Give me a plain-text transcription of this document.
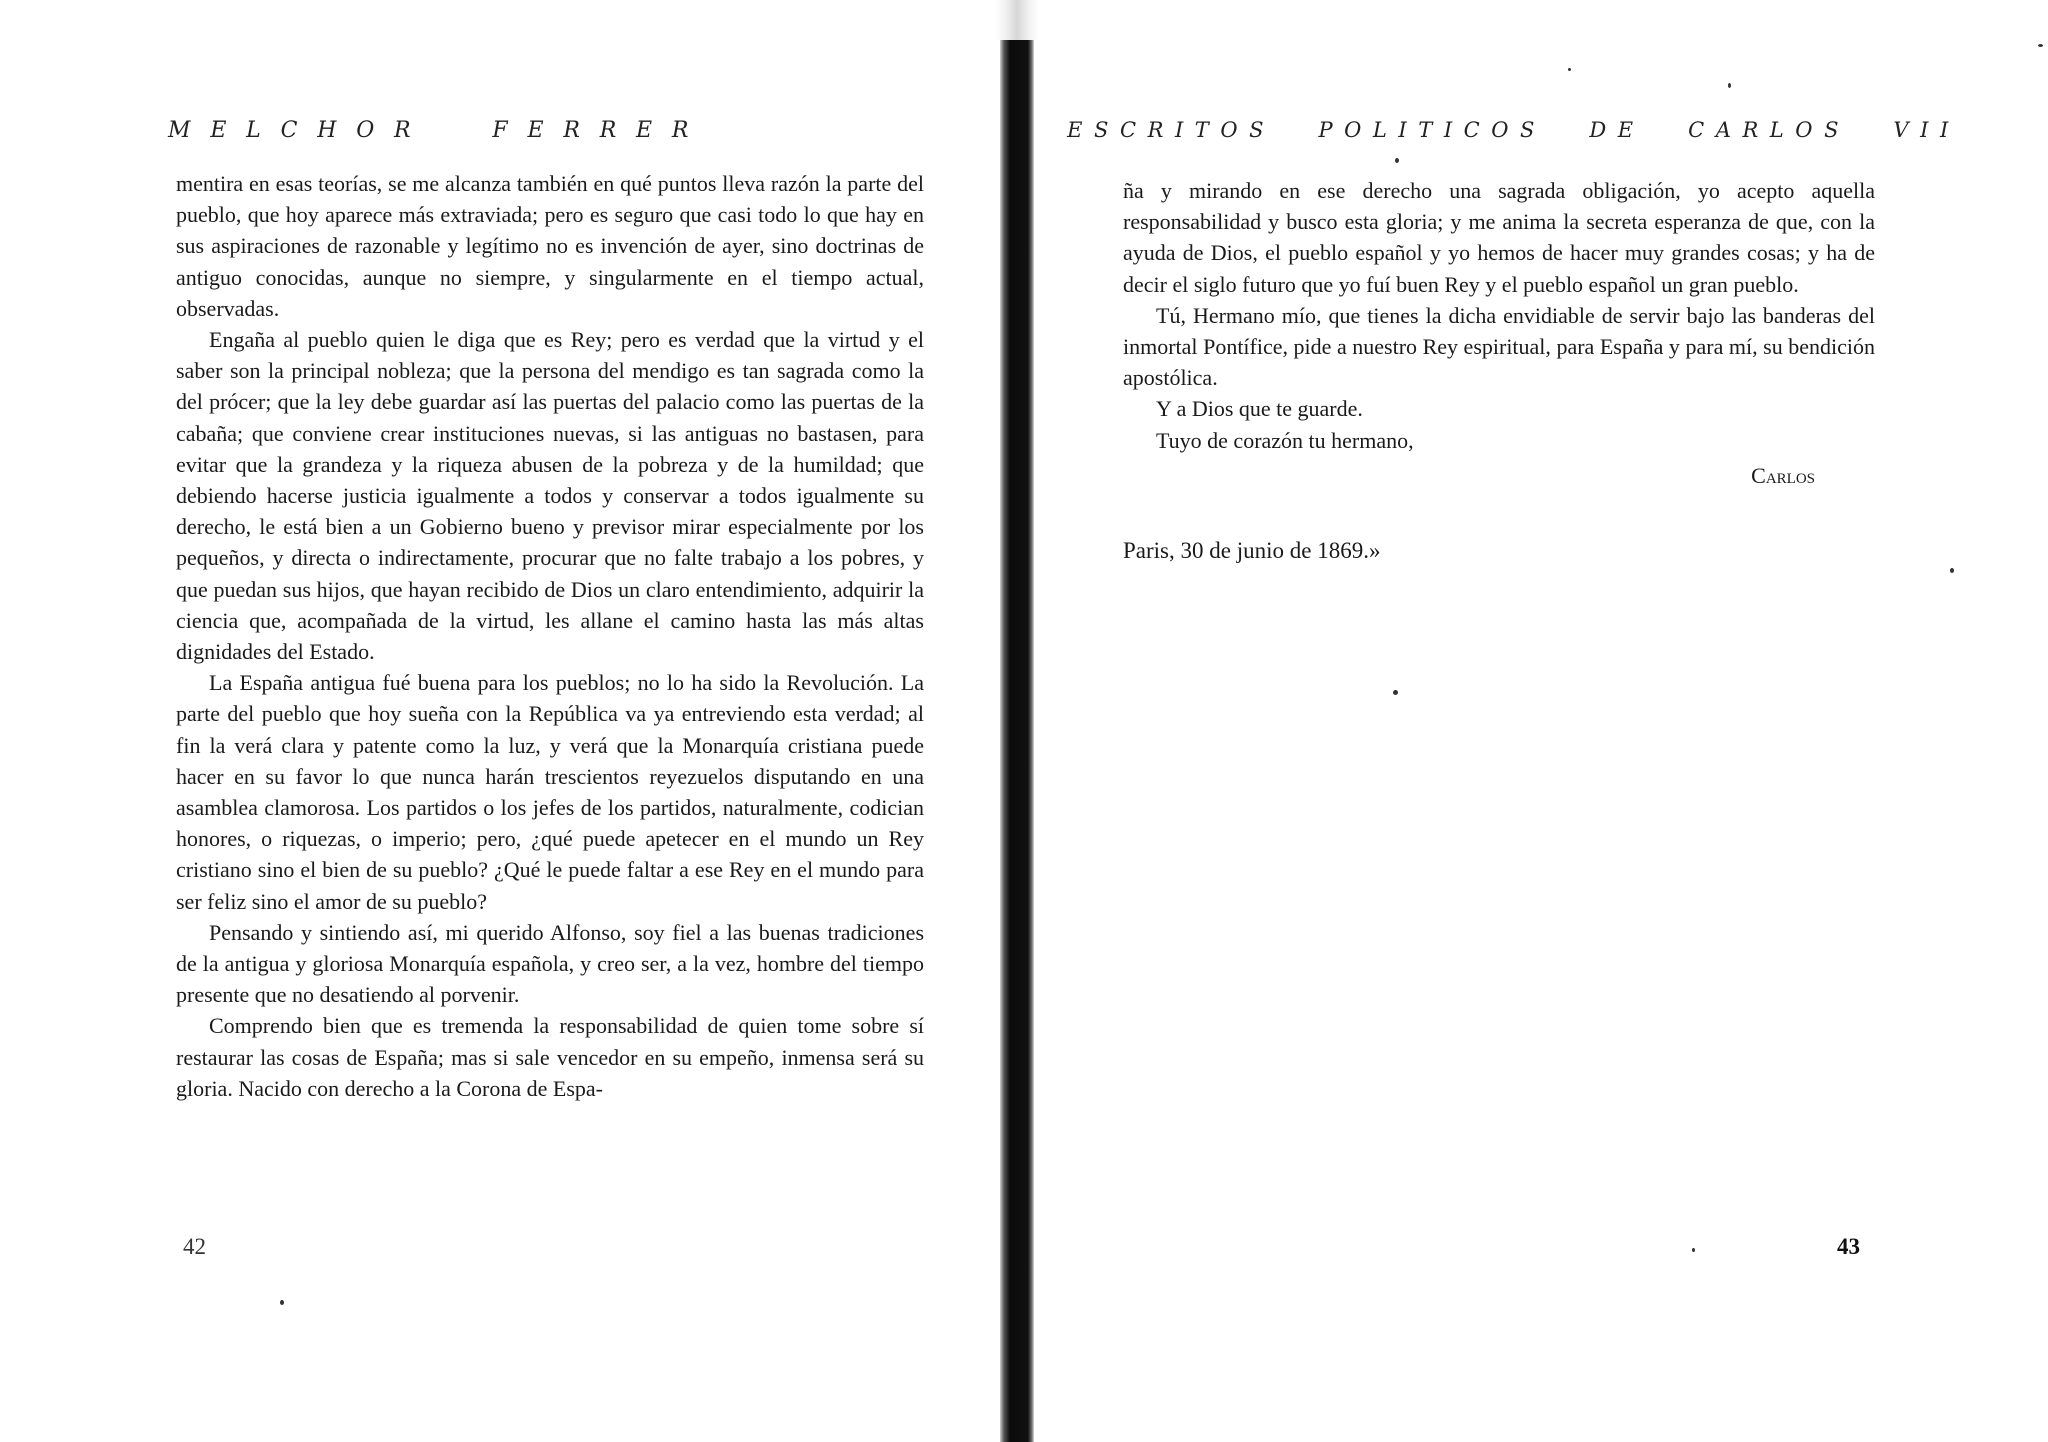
MELCHOR FERRER

mentira en esas teorías, se me alcanza también en qué puntos lleva razón la parte del pueblo, que hoy aparece más extraviada; pero es seguro que casi todo lo que hay en sus aspiraciones de razonable y legítimo no es invención de ayer, sino doctrinas de antiguo conocidas, aunque no siempre, y singularmente en el tiempo actual, observadas.

Engaña al pueblo quien le diga que es Rey; pero es verdad que la virtud y el saber son la principal nobleza; que la persona del mendigo es tan sagrada como la del prócer; que la ley debe guardar así las puertas del palacio como las puertas de la cabaña; que conviene crear instituciones nuevas, si las antiguas no bastasen, para evitar que la grandeza y la riqueza abusen de la pobreza y de la humildad; que debiendo hacerse justicia igualmente a todos y conservar a todos igualmente su derecho, le está bien a un Gobierno bueno y previsor mirar especialmente por los pequeños, y directa o indirectamente, procurar que no falte trabajo a los pobres, y que puedan sus hijos, que hayan recibido de Dios un claro entendimiento, adquirir la ciencia que, acompañada de la virtud, les allane el camino hasta las más altas dignidades del Estado.

La España antigua fué buena para los pueblos; no lo ha sido la Revolución. La parte del pueblo que hoy sueña con la República va ya entreviendo esta verdad; al fin la verá clara y patente como la luz, y verá que la Monarquía cristiana puede hacer en su favor lo que nunca harán trescientos reyezuelos disputando en una asamblea clamorosa. Los partidos o los jefes de los partidos, naturalmente, codician honores, o riquezas, o imperio; pero, ¿qué puede apetecer en el mundo un Rey cristiano sino el bien de su pueblo? ¿Qué le puede faltar a ese Rey en el mundo para ser feliz sino el amor de su pueblo?

Pensando y sintiendo así, mi querido Alfonso, soy fiel a las buenas tradiciones de la antigua y gloriosa Monarquía española, y creo ser, a la vez, hombre del tiempo presente que no desatiendo al porvenir.

Comprendo bien que es tremenda la responsabilidad de quien tome sobre sí restaurar las cosas de España; mas si sale vencedor en su empeño, inmensa será su gloria. Nacido con derecho a la Corona de Espa-

42
ESCRITOS POLITICOS DE CARLOS VII

ña y mirando en ese derecho una sagrada obligación, yo acepto aquella responsabilidad y busco esta gloria; y me anima la secreta esperanza de que, con la ayuda de Dios, el pueblo español y yo hemos de hacer muy grandes cosas; y ha de decir el siglo futuro que yo fuí buen Rey y el pueblo español un gran pueblo.

Tú, Hermano mío, que tienes la dicha envidiable de servir bajo las banderas del inmortal Pontífice, pide a nuestro Rey espiritual, para España y para mí, su bendición apostólica.

Y a Dios que te guarde.

Tuyo de corazón tu hermano,

Carlos

Paris, 30 de junio de 1869.»

43
